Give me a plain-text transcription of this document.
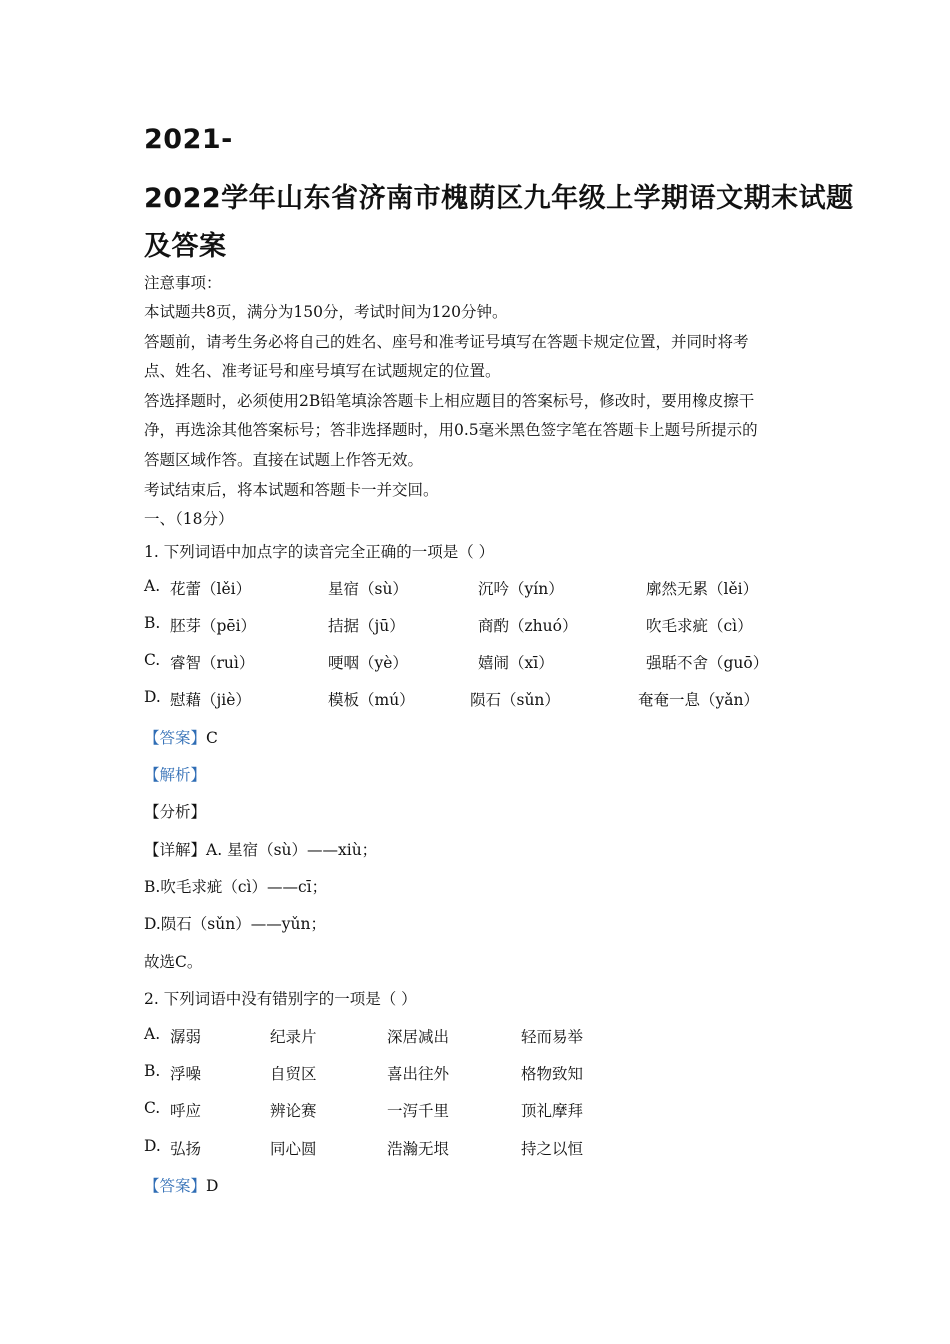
2021-
2022学年山东省济南市槐荫区九年级上学期语文期末试题
及答案
注意事项：
本试题共8页，满分为150分，考试时间为120分钟。
答题前，请考生务必将自己的姓名、座号和准考证号填写在答题卡规定位置，并同时将考
点、姓名、准考证号和座号填写在试题规定的位置。
答选择题时，必须使用2B铅笔填涂答题卡上相应题目的答案标号，修改时，要用橡皮擦干
净，再选涂其他答案标号；答非选择题时，用0.5毫米黑色签字笔在答题卡上题号所提示的
答题区域作答。直接在试题上作答无效。
考试结束后，将本试题和答题卡一并交回。
一、（18分）
1. 下列词语中加点字的读音完全正确的一项是（ ）
A. 花蕾（lěi）	星宿（sù）	沉吟（yín）	廓然无累（lěi）
B. 胚芽（pēi）	拮据（jū）	商酌（zhuó）	吹毛求疵（cì）
C. 睿智（ruì）	哽咽（yè）	嬉闹（xī）	强聒不舍（guō）
D. 慰藉（jiè）	模板（mú）	陨石（sǔn）	奄奄一息（yǎn）
【答案】C
【解析】
【分析】
【详解】A. 星宿（sù）——xiù；
B.吹毛求疵（cì）——cī；
D.陨石（sǔn）——yǔn；
故选C。
2. 下列词语中没有错别字的一项是（ ）
A. 潺弱	纪录片	深居减出	轻而易举
B. 浮噪	自贸区	喜出往外	格物致知
C. 呼应	辨论赛	一泻千里	顶礼摩拜
D. 弘扬	同心圆	浩瀚无垠	持之以恒
【答案】D
